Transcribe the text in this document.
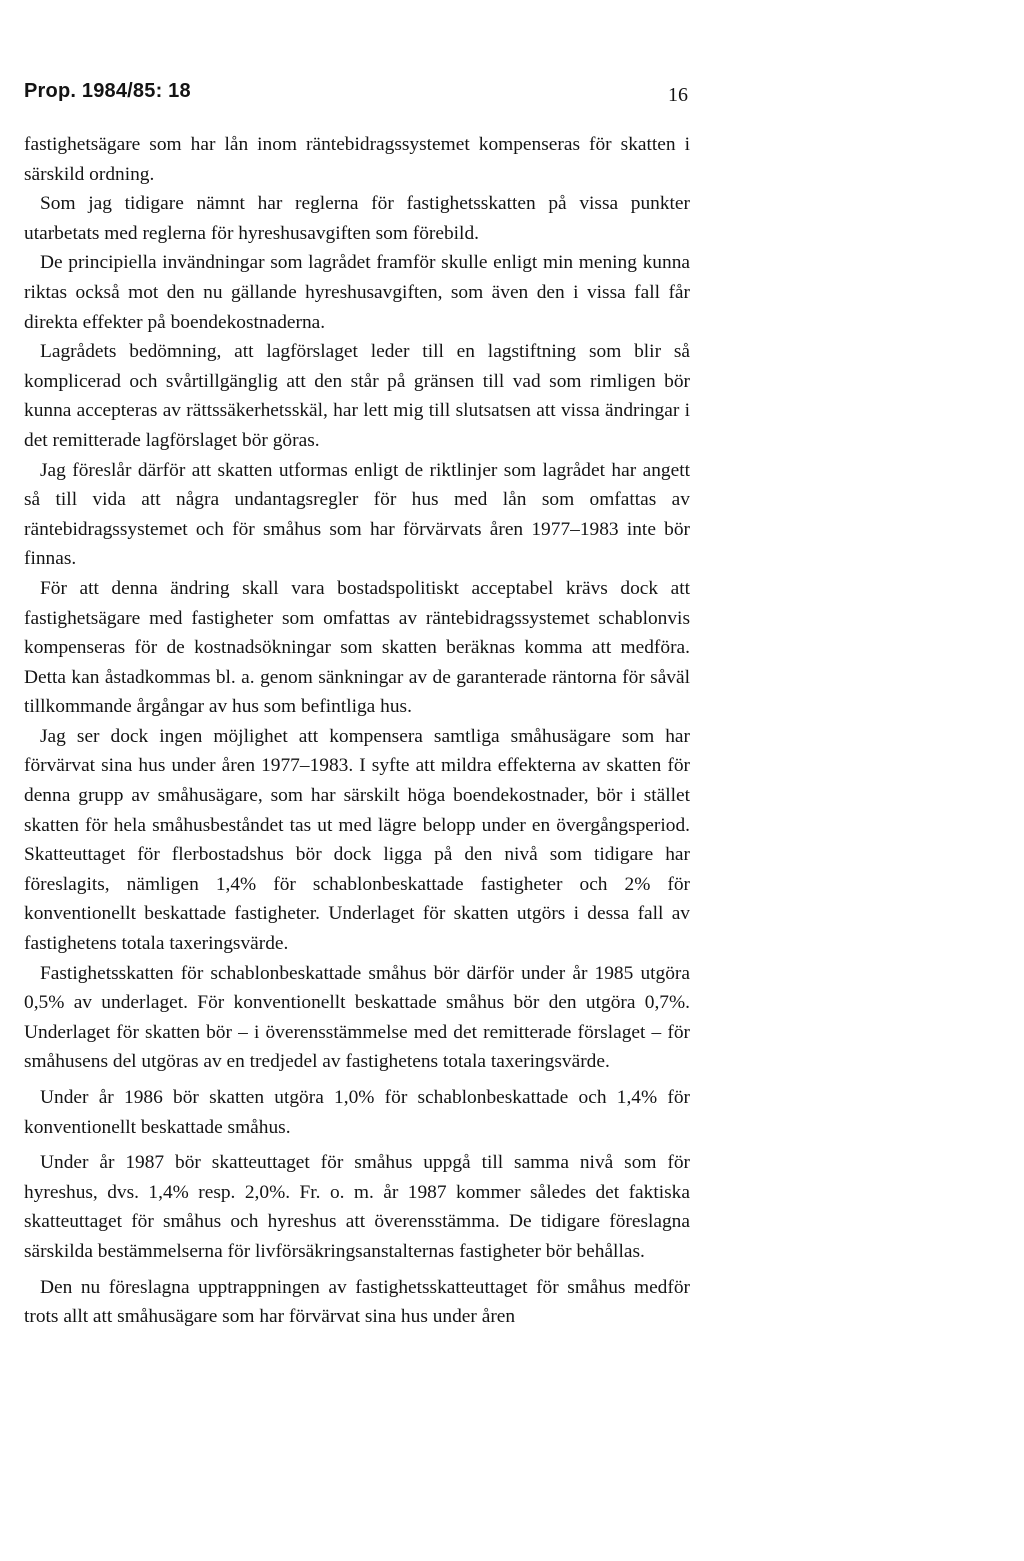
Prop. 1984/85: 18	16

fastighetsägare som har lån inom räntebidragssystemet kompenseras för skatten i särskild ordning.

Som jag tidigare nämnt har reglerna för fastighetsskatten på vissa punkter utarbetats med reglerna för hyreshusavgiften som förebild.

De principiella invändningar som lagrådet framför skulle enligt min mening kunna riktas också mot den nu gällande hyreshusavgiften, som även den i vissa fall får direkta effekter på boendekostnaderna.

Lagrådets bedömning, att lagförslaget leder till en lagstiftning som blir så komplicerad och svårtillgänglig att den står på gränsen till vad som rimligen bör kunna accepteras av rättssäkerhetsskäl, har lett mig till slutsatsen att vissa ändringar i det remitterade lagförslaget bör göras.

Jag föreslår därför att skatten utformas enligt de riktlinjer som lagrådet har angett så till vida att några undantagsregler för hus med lån som omfattas av räntebidragssystemet och för småhus som har förvärvats åren 1977–1983 inte bör finnas.

För att denna ändring skall vara bostadspolitiskt acceptabel krävs dock att fastighetsägare med fastigheter som omfattas av räntebidragssystemet schablonvis kompenseras för de kostnadsökningar som skatten beräknas komma att medföra. Detta kan åstadkommas bl. a. genom sänkningar av de garanterade räntorna för såväl tillkommande årgångar av hus som befintliga hus.

Jag ser dock ingen möjlighet att kompensera samtliga småhusägare som har förvärvat sina hus under åren 1977–1983. I syfte att mildra effekterna av skatten för denna grupp av småhusägare, som har särskilt höga boendekostnader, bör i stället skatten för hela småhusbeståndet tas ut med lägre belopp under en övergångsperiod. Skatteuttaget för flerbostadshus bör dock ligga på den nivå som tidigare har föreslagits, nämligen 1,4% för schablonbeskattade fastigheter och 2% för konventionellt beskattade fastigheter. Underlaget för skatten utgörs i dessa fall av fastighetens totala taxeringsvärde.

Fastighetsskatten för schablonbeskattade småhus bör därför under år 1985 utgöra 0,5% av underlaget. För konventionellt beskattade småhus bör den utgöra 0,7%. Underlaget för skatten bör – i överensstämmelse med det remitterade förslaget – för småhusens del utgöras av en tredjedel av fastighetens totala taxeringsvärde.

Under år 1986 bör skatten utgöra 1,0% för schablonbeskattade och 1,4% för konventionellt beskattade småhus.

Under år 1987 bör skatteuttaget för småhus uppgå till samma nivå som för hyreshus, dvs. 1,4% resp. 2,0%. Fr. o. m. år 1987 kommer således det faktiska skatteuttaget för småhus och hyreshus att överensstämma. De tidigare föreslagna särskilda bestämmelserna för livförsäkringsanstalternas fastigheter bör behållas.

Den nu föreslagna upptrappningen av fastighetsskatteuttaget för småhus medför trots allt att småhusägare som har förvärvat sina hus under åren
